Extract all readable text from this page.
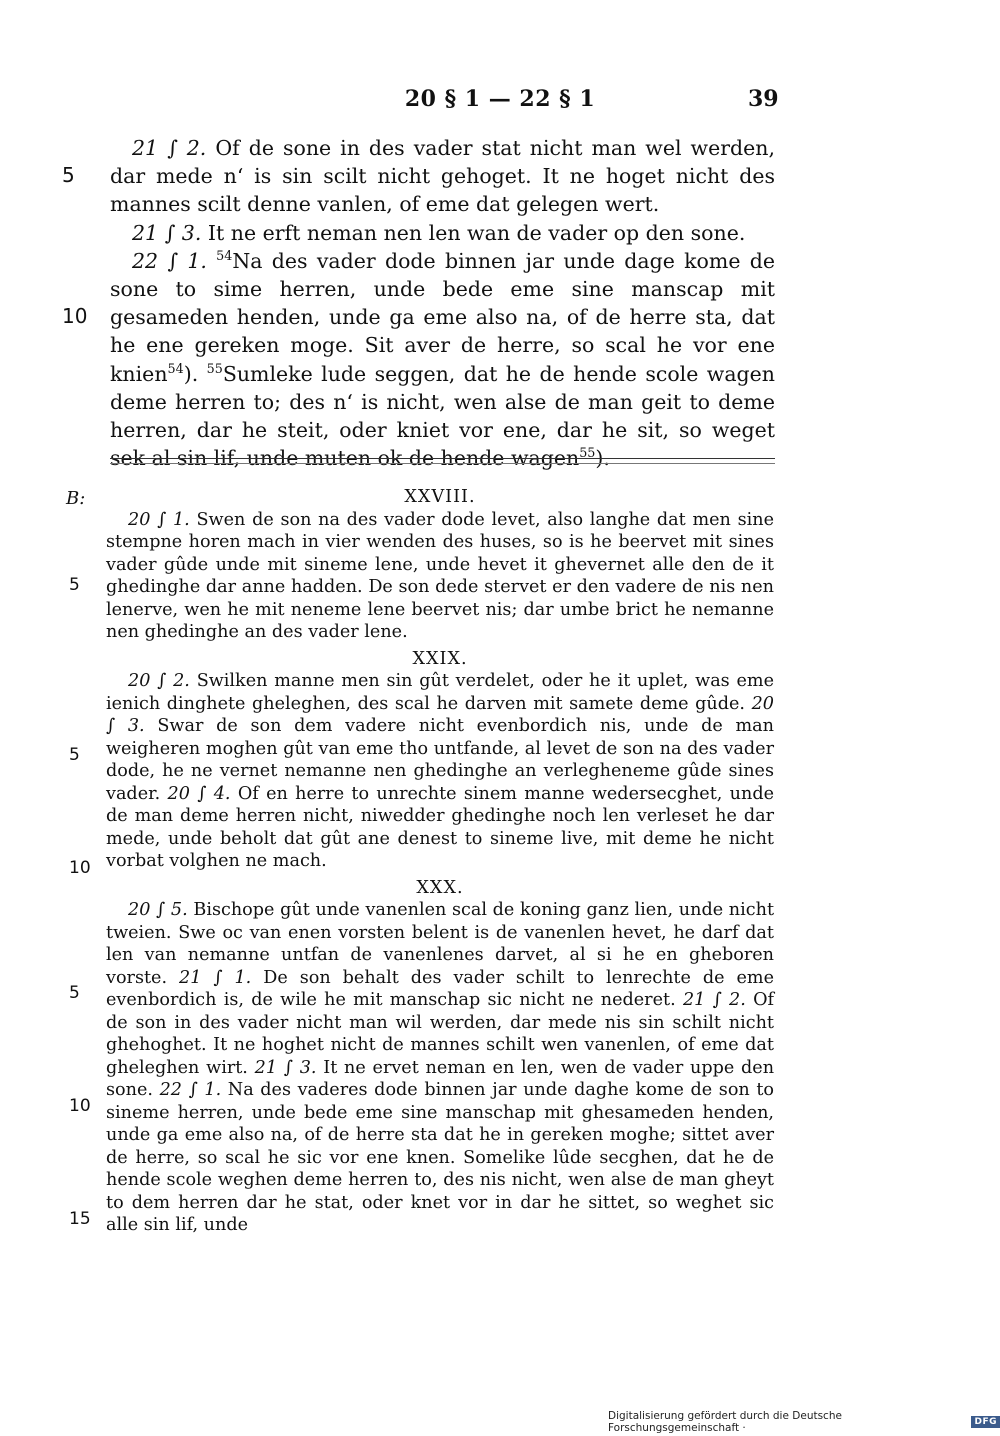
20 § 1 — 22 § 1	39
5
10

21 ∫ 2. Of de sone in des vader stat nicht man wel werden, dar mede n‘ is sin scilt nicht gehoget. It ne hoget nicht des mannes scilt denne vanlen, of eme dat gelegen wert.

21 ∫ 3. It ne erft neman nen len wan de vader op den sone.

22 ∫ 1. $^{54}$Na des vader dode binnen jar unde dage kome de sone to sime herren, unde bede eme sine manscap mit gesameden henden, unde ga eme also na, of de herre sta, dat he ene gereken moge. Sit aver de herre, so scal he vor ene knien$^{54}$). $^{55}$Sumleke lude seggen, dat he de hende scole wagen deme herren to; des n‘ is nicht, wen alse de man geit to deme herren, dar he steit, oder kniet vor ene, dar he sit, so weget sek al sin lif, unde muten ok de hende wagen$^{55}$).

B:
5
5
10
5
10
15

XXVIII.

20 ∫ 1. Swen de son na des vader dode levet, also langhe dat men sine stempne horen mach in vier wenden des huses, so is he beervet mit sines vader gûde unde mit sineme lene, unde hevet it ghevernet alle den de it ghedinghe dar anne hadden. De son dede stervet er den vadere de nis nen lenerve, wen he mit neneme lene beervet nis; dar umbe brict he nemanne nen ghedinghe an des vader lene.

XXIX.

20 ∫ 2. Swilken manne men sin gût verdelet, oder he it uplet, was eme ienich dinghete gheleghen, des scal he darven mit samete deme gûde. 20 ∫ 3. Swar de son dem vadere nicht evenbordich nis, unde de man weigheren moghen gût van eme tho untfande, al levet de son na des vader dode, he ne vernet nemanne nen ghedinghe an verlegheneme gûde sines vader. 20 ∫ 4. Of en herre to unrechte sinem manne wedersecghet, unde de man deme herren nicht, niwedder ghedinghe noch len verleset he dar mede, unde beholt dat gût ane denest to sineme live, mit deme he nicht vorbat volghen ne mach.

XXX.

20 ∫ 5. Bischope gût unde vanenlen scal de koning ganz lien, unde nicht tweien. Swe oc van enen vorsten belent is de vanenlen hevet, he darf dat len van nemanne untfan de vanenlenes darvet, al si he en gheboren vorste. 21 ∫ 1. De son behalt des vader schilt to lenrechte de eme evenbordich is, de wile he mit manschap sic nicht ne nederet. 21 ∫ 2. Of de son in des vader nicht man wil werden, dar mede nis sin schilt nicht ghehoghet. It ne hoghet nicht de mannes schilt wen vanenlen, of eme dat gheleghen wirt. 21 ∫ 3. It ne ervet neman en len, wen de vader uppe den sone. 22 ∫ 1. Na des vaderes dode binnen jar unde daghe kome de son to sineme herren, unde bede eme sine manschap mit ghesameden henden, unde ga eme also na, of de herre sta dat he in gereken moghe; sittet aver de herre, so scal he sic vor ene knen. Somelike lûde secghen, dat he de hende scole weghen deme herren to, des nis nicht, wen alse de man gheyt to dem herren dar he stat, oder knet vor in dar he sittet, so weghet sic alle sin lif, unde

Digitalisierung gefördert durch die Deutsche Forschungsgemeinschaft ·	DFG
